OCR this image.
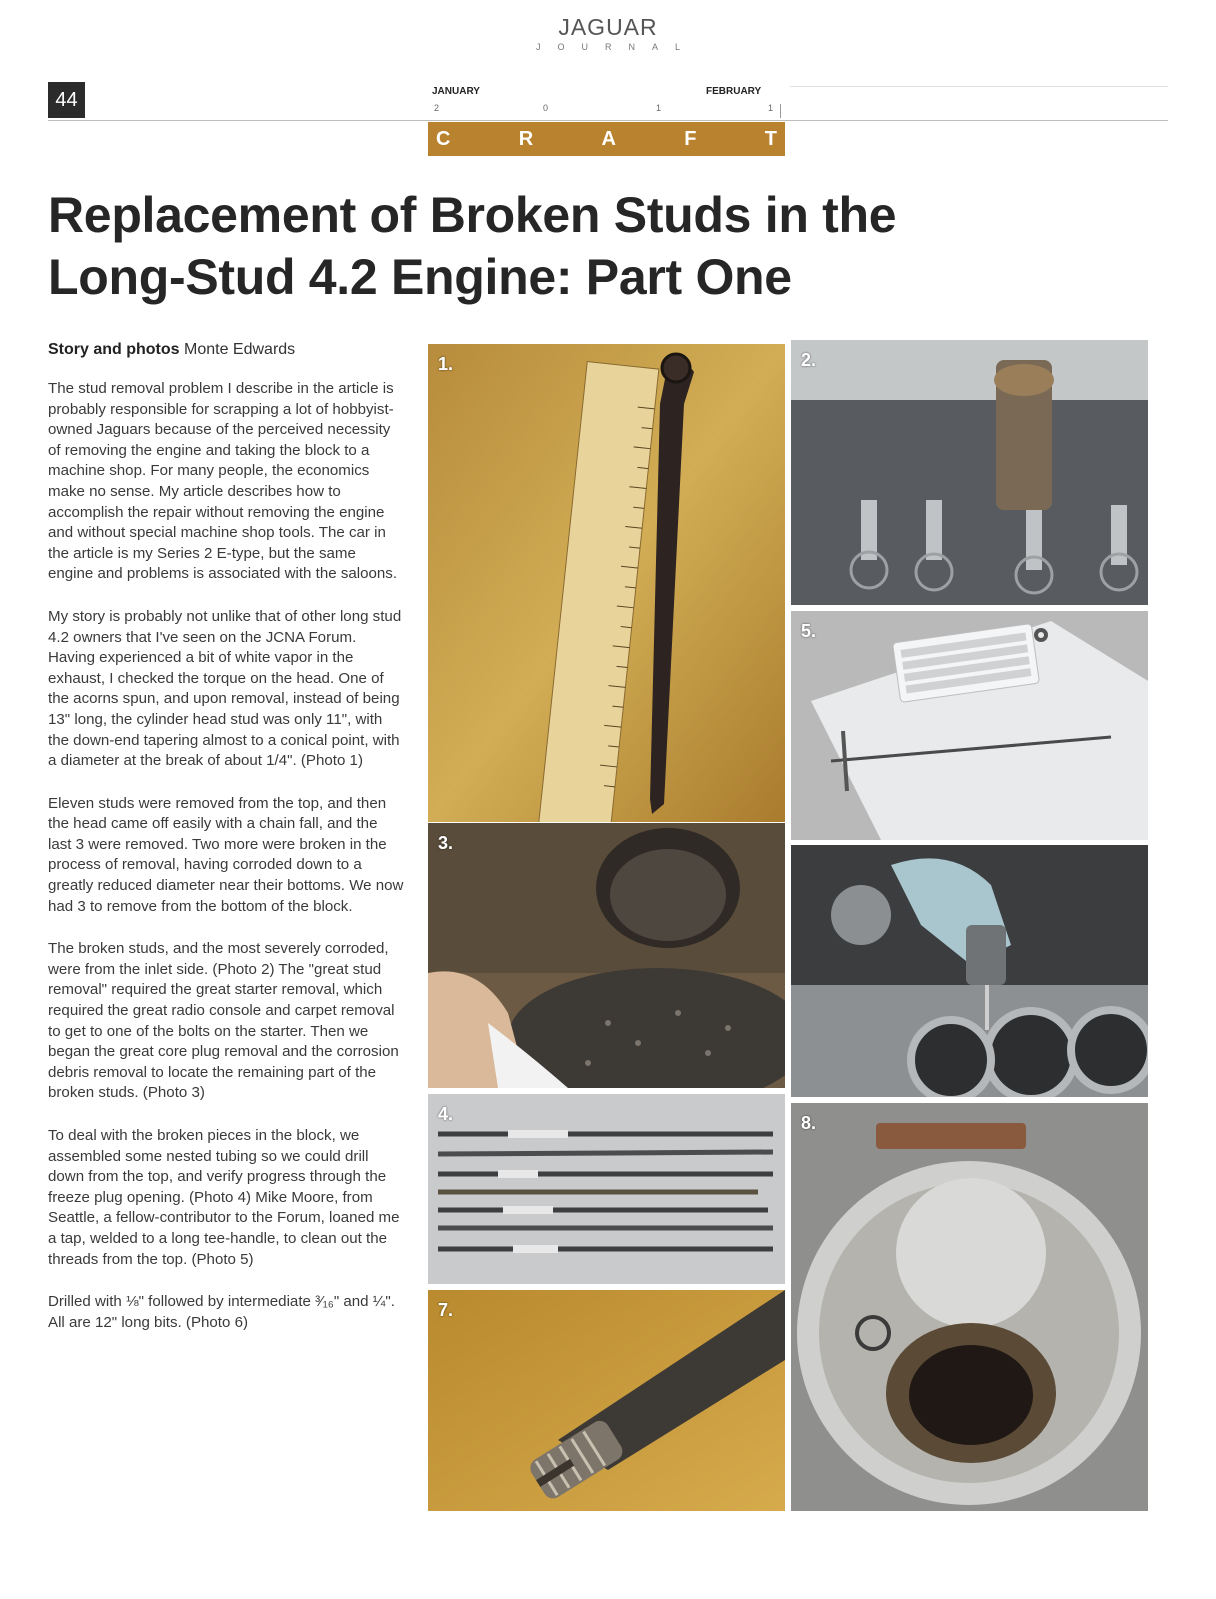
JAGUAR
JOURNAL
44	JANUARY	FEBRUARY
2	0	1	1
C	R	A	F	T
Replacement of Broken Studs in the
Long-Stud 4.2 Engine: Part One
Story and photos Monte Edwards

The stud removal problem I describe in the article is probably responsible for scrapping a lot of hobbyist-owned Jaguars because of the perceived necessity of removing the engine and taking the block to a machine shop. For many people, the economics make no sense. My article describes how to accomplish the repair without removing the engine and without special machine shop tools. The car in the article is my Series 2 E-type, but the same engine and problems is associated with the saloons.

My story is probably not unlike that of other long stud 4.2 owners that I've seen on the JCNA Forum. Having experienced a bit of white vapor in the exhaust, I checked the torque on the head. One of the acorns spun, and upon removal, instead of being 13" long, the cylinder head stud was only 11", with the down-end tapering almost to a conical point, with a diameter at the break of about 1/4". (Photo 1)

Eleven studs were removed from the top, and then the head came off easily with a chain fall, and the last 3 were removed. Two more were broken in the process of removal, having corroded down to a greatly reduced diameter near their bottoms. We now had 3 to remove from the bottom of the block.

The broken studs, and the most severely corroded, were from the inlet side. (Photo 2) The "great stud removal" required the great starter removal, which required the great radio console and carpet removal to get to one of the bolts on the starter. Then we began the great core plug removal and the corrosion debris removal to locate the remaining part of the broken studs. (Photo 3)

To deal with the broken pieces in the block, we assembled some nested tubing so we could drill down from the top, and verify progress through the freeze plug opening. (Photo 4) Mike Moore, from Seattle, a fellow-contributor to the Forum, loaned me a tap, welded to a long tee-handle, to clean out the threads from the top. (Photo 5)

Drilled with ⅛" followed by intermediate ³⁄₁₆" and ¼". All are 12" long bits. (Photo 6)

1.	2.
5.
3.
4.	8.
7.
